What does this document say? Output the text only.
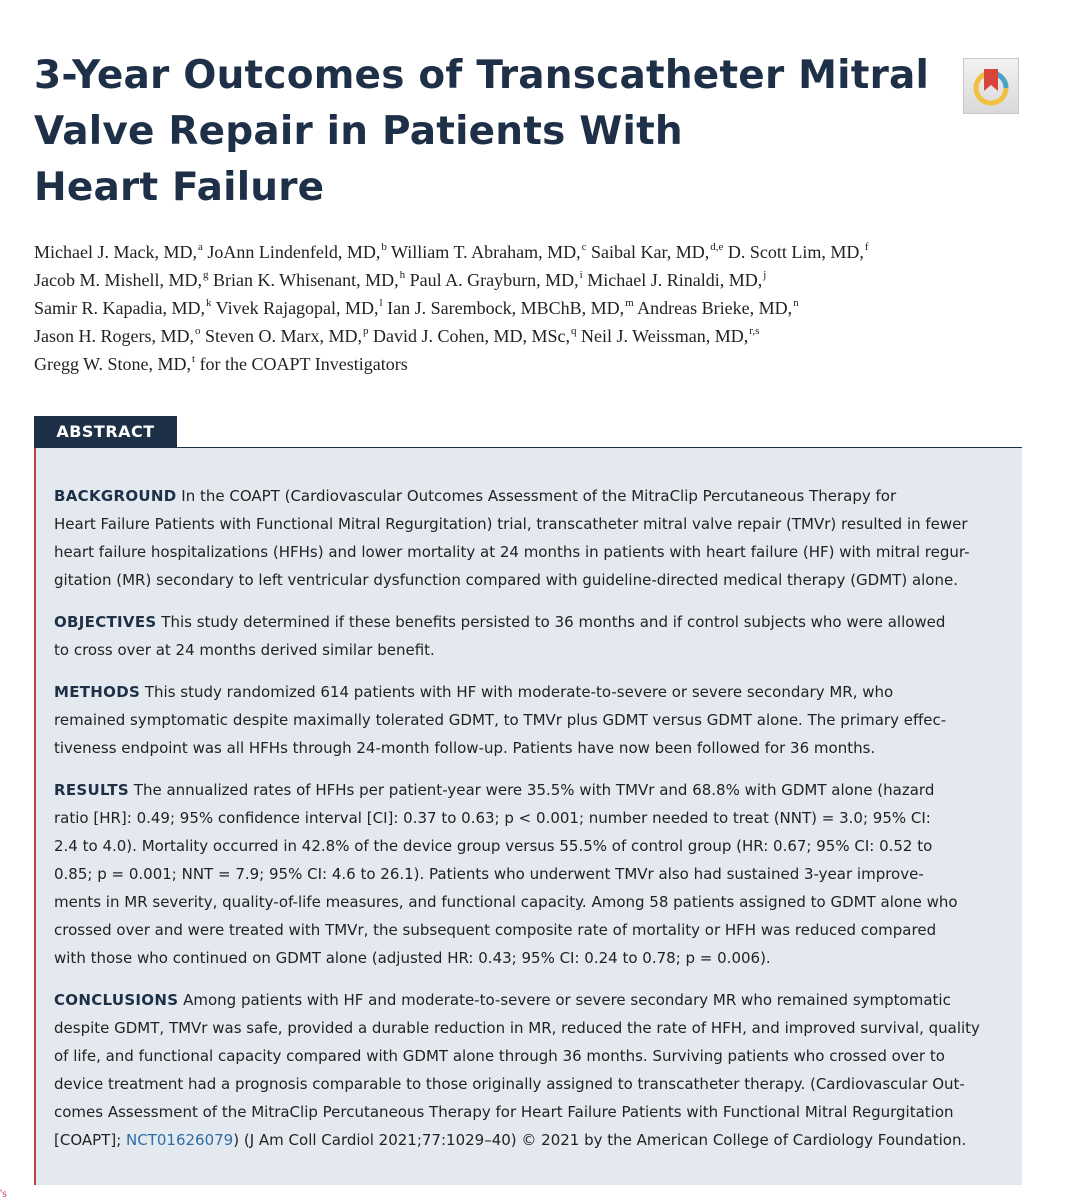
3-Year Outcomes of Transcatheter Mitral
Valve Repair in Patients With
Heart Failure
Michael J. Mack, MD,$^a$ JoAnn Lindenfeld, MD,$^b$ William T. Abraham, MD,$^c$ Saibal Kar, MD,$^{d,e}$ D. Scott Lim, MD,$^f$
Jacob M. Mishell, MD,$^g$ Brian K. Whisenant, MD,$^h$ Paul A. Grayburn, MD,$^i$ Michael J. Rinaldi, MD,$^j$
Samir R. Kapadia, MD,$^k$ Vivek Rajagopal, MD,$^l$ Ian J. Sarembock, MBChB, MD,$^m$ Andreas Brieke, MD,$^n$
Jason H. Rogers, MD,$^o$ Steven O. Marx, MD,$^p$ David J. Cohen, MD, MSc,$^q$ Neil J. Weissman, MD,$^{r,s}$
Gregg W. Stone, MD,$^t$ for the COAPT Investigators
ABSTRACT
BACKGROUND In the COAPT (Cardiovascular Outcomes Assessment of the MitraClip Percutaneous Therapy for
Heart Failure Patients with Functional Mitral Regurgitation) trial, transcatheter mitral valve repair (TMVr) resulted in fewer
heart failure hospitalizations (HFHs) and lower mortality at 24 months in patients with heart failure (HF) with mitral regur-
gitation (MR) secondary to left ventricular dysfunction compared with guideline-directed medical therapy (GDMT) alone.
OBJECTIVES This study determined if these benefits persisted to 36 months and if control subjects who were allowed
to cross over at 24 months derived similar benefit.
METHODS This study randomized 614 patients with HF with moderate-to-severe or severe secondary MR, who
remained symptomatic despite maximally tolerated GDMT, to TMVr plus GDMT versus GDMT alone. The primary effec-
tiveness endpoint was all HFHs through 24-month follow-up. Patients have now been followed for 36 months.
RESULTS The annualized rates of HFHs per patient-year were 35.5% with TMVr and 68.8% with GDMT alone (hazard
ratio [HR]: 0.49; 95% confidence interval [CI]: 0.37 to 0.63; p < 0.001; number needed to treat (NNT) = 3.0; 95% CI:
2.4 to 4.0). Mortality occurred in 42.8% of the device group versus 55.5% of control group (HR: 0.67; 95% CI: 0.52 to
0.85; p = 0.001; NNT = 7.9; 95% CI: 4.6 to 26.1). Patients who underwent TMVr also had sustained 3-year improve-
ments in MR severity, quality-of-life measures, and functional capacity. Among 58 patients assigned to GDMT alone who
crossed over and were treated with TMVr, the subsequent composite rate of mortality or HFH was reduced compared
with those who continued on GDMT alone (adjusted HR: 0.43; 95% CI: 0.24 to 0.78; p = 0.006).
CONCLUSIONS Among patients with HF and moderate-to-severe or severe secondary MR who remained symptomatic
despite GDMT, TMVr was safe, provided a durable reduction in MR, reduced the rate of HFH, and improved survival, quality
of life, and functional capacity compared with GDMT alone through 36 months. Surviving patients who crossed over to
device treatment had a prognosis comparable to those originally assigned to transcatheter therapy. (Cardiovascular Out-
comes Assessment of the MitraClip Percutaneous Therapy for Heart Failure Patients with Functional Mitral Regurgitation
[COAPT]; NCT01626079) (J Am Coll Cardiol 2021;77:1029–40) © 2021 by the American College of Cardiology Foundation.
's
